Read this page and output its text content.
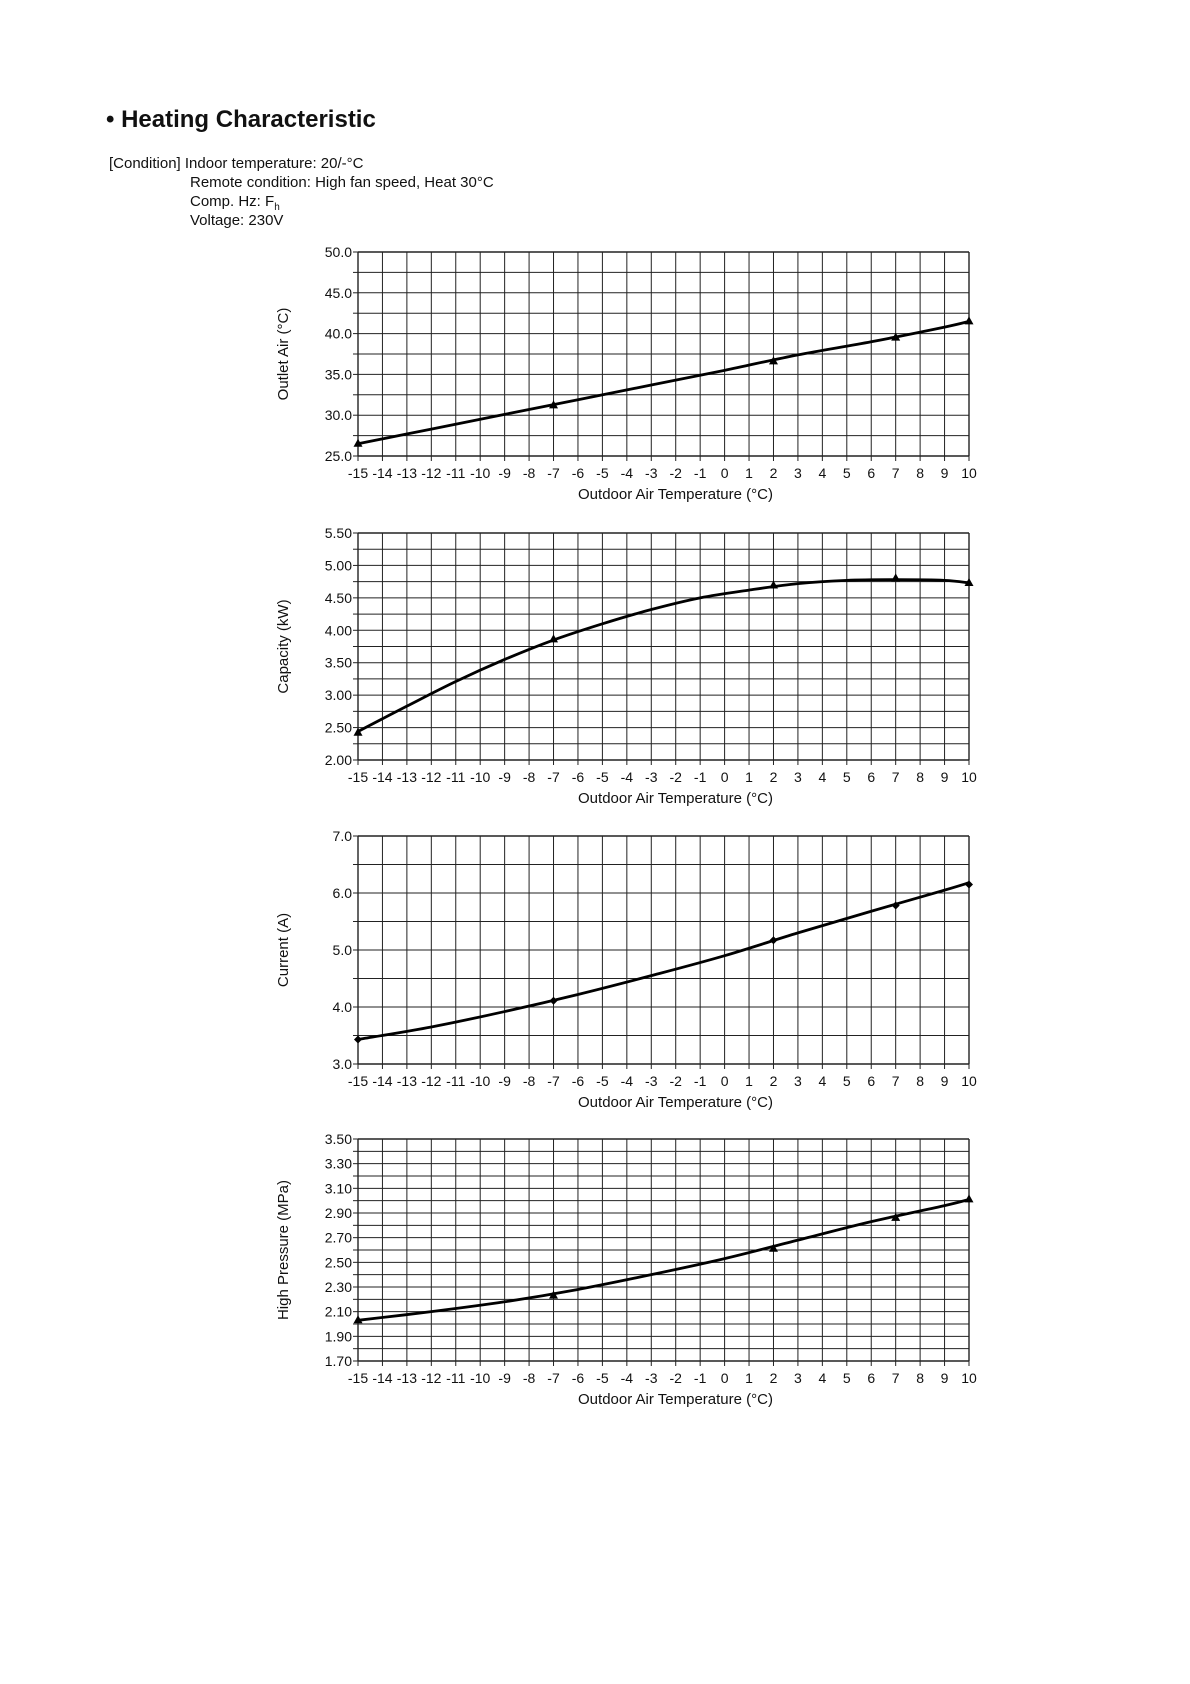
• Heating Characteristic
[Condition] Indoor temperature: 20/-°C
Remote condition: High fan speed, Heat 30°C
Comp. Hz: $F_h$
Voltage: 230V
25.0
30.0
35.0
40.0
45.0
50.0
-15 -14 -13 -12 -11 -10 -9 -8 -7 -6 -5 -4 -3 -2 -1 0 1 2 3 4 5 6 7 8 9 10
Outdoor Air Temperature (°C)
Outlet Air (°C)
2.00
2.50
3.00
3.50
4.00
4.50
5.00
5.50
-15 -14 -13 -12 -11 -10 -9 -8 -7 -6 -5 -4 -3 -2 -1 0 1 2 3 4 5 6 7 8 9 10
Outdoor Air Temperature (°C)
Capacity (kW)
3.0
4.0
5.0
6.0
7.0
-15 -14 -13 -12 -11 -10 -9 -8 -7 -6 -5 -4 -3 -2 -1 0 1 2 3 4 5 6 7 8 9 10
Outdoor Air Temperature (°C)
Current (A)
1.70
1.90
2.10
2.30
2.50
2.70
2.90
3.10
3.30
3.50
-15 -14 -13 -12 -11 -10 -9 -8 -7 -6 -5 -4 -3 -2 -1 0 1 2 3 4 5 6 7 8 9 10
Outdoor Air Temperature (°C)
High Pressure (MPa)
